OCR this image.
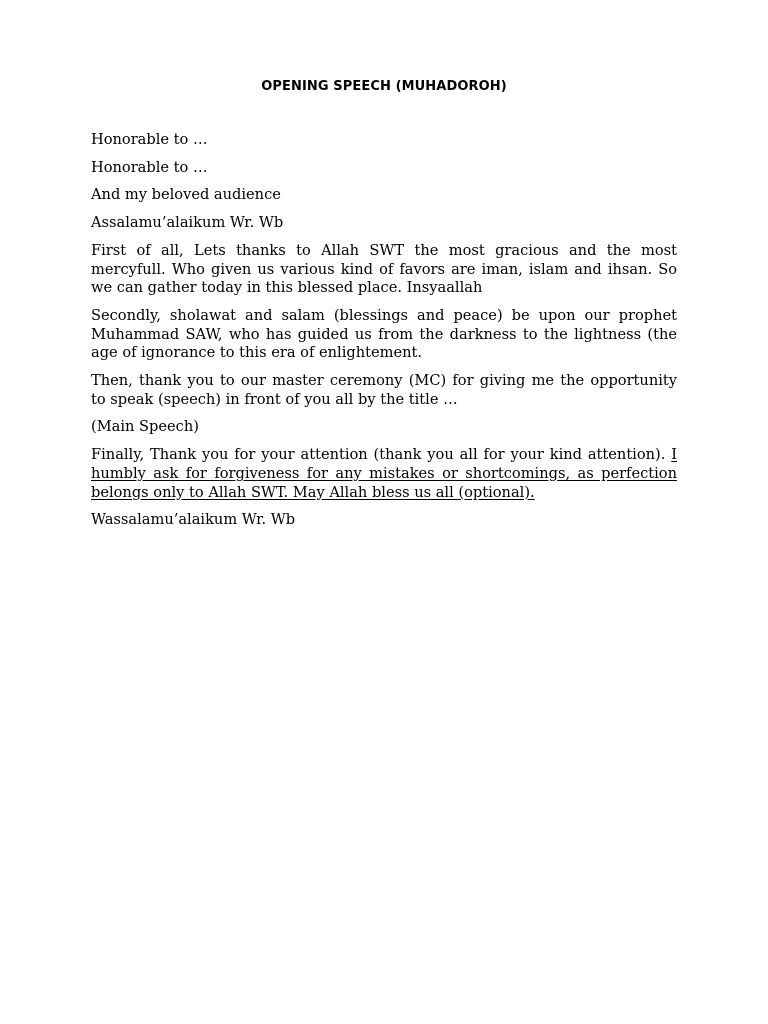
OPENING SPEECH (MUHADOROH)

Honorable to …

Honorable to …

And my beloved audience

Assalamu’alaikum Wr. Wb

First of all, Lets thanks to Allah SWT the most gracious and the most mercyfull. Who given us various kind of favors are iman, islam and ihsan. So we can gather today in this blessed place. Insyaallah

Secondly, sholawat and salam (blessings and peace) be upon our prophet Muhammad SAW, who has guided us from the darkness to the lightness (the age of ignorance to this era of enlightement.

Then, thank you to our master ceremony (MC) for giving me the opportunity to speak (speech) in front of you all by the title …

(Main Speech)

Finally, Thank you for your attention (thank you all for your kind attention). I humbly ask for forgiveness for any mistakes or shortcomings, as perfection belongs only to Allah SWT. May Allah bless us all (optional).

Wassalamu’alaikum Wr. Wb
